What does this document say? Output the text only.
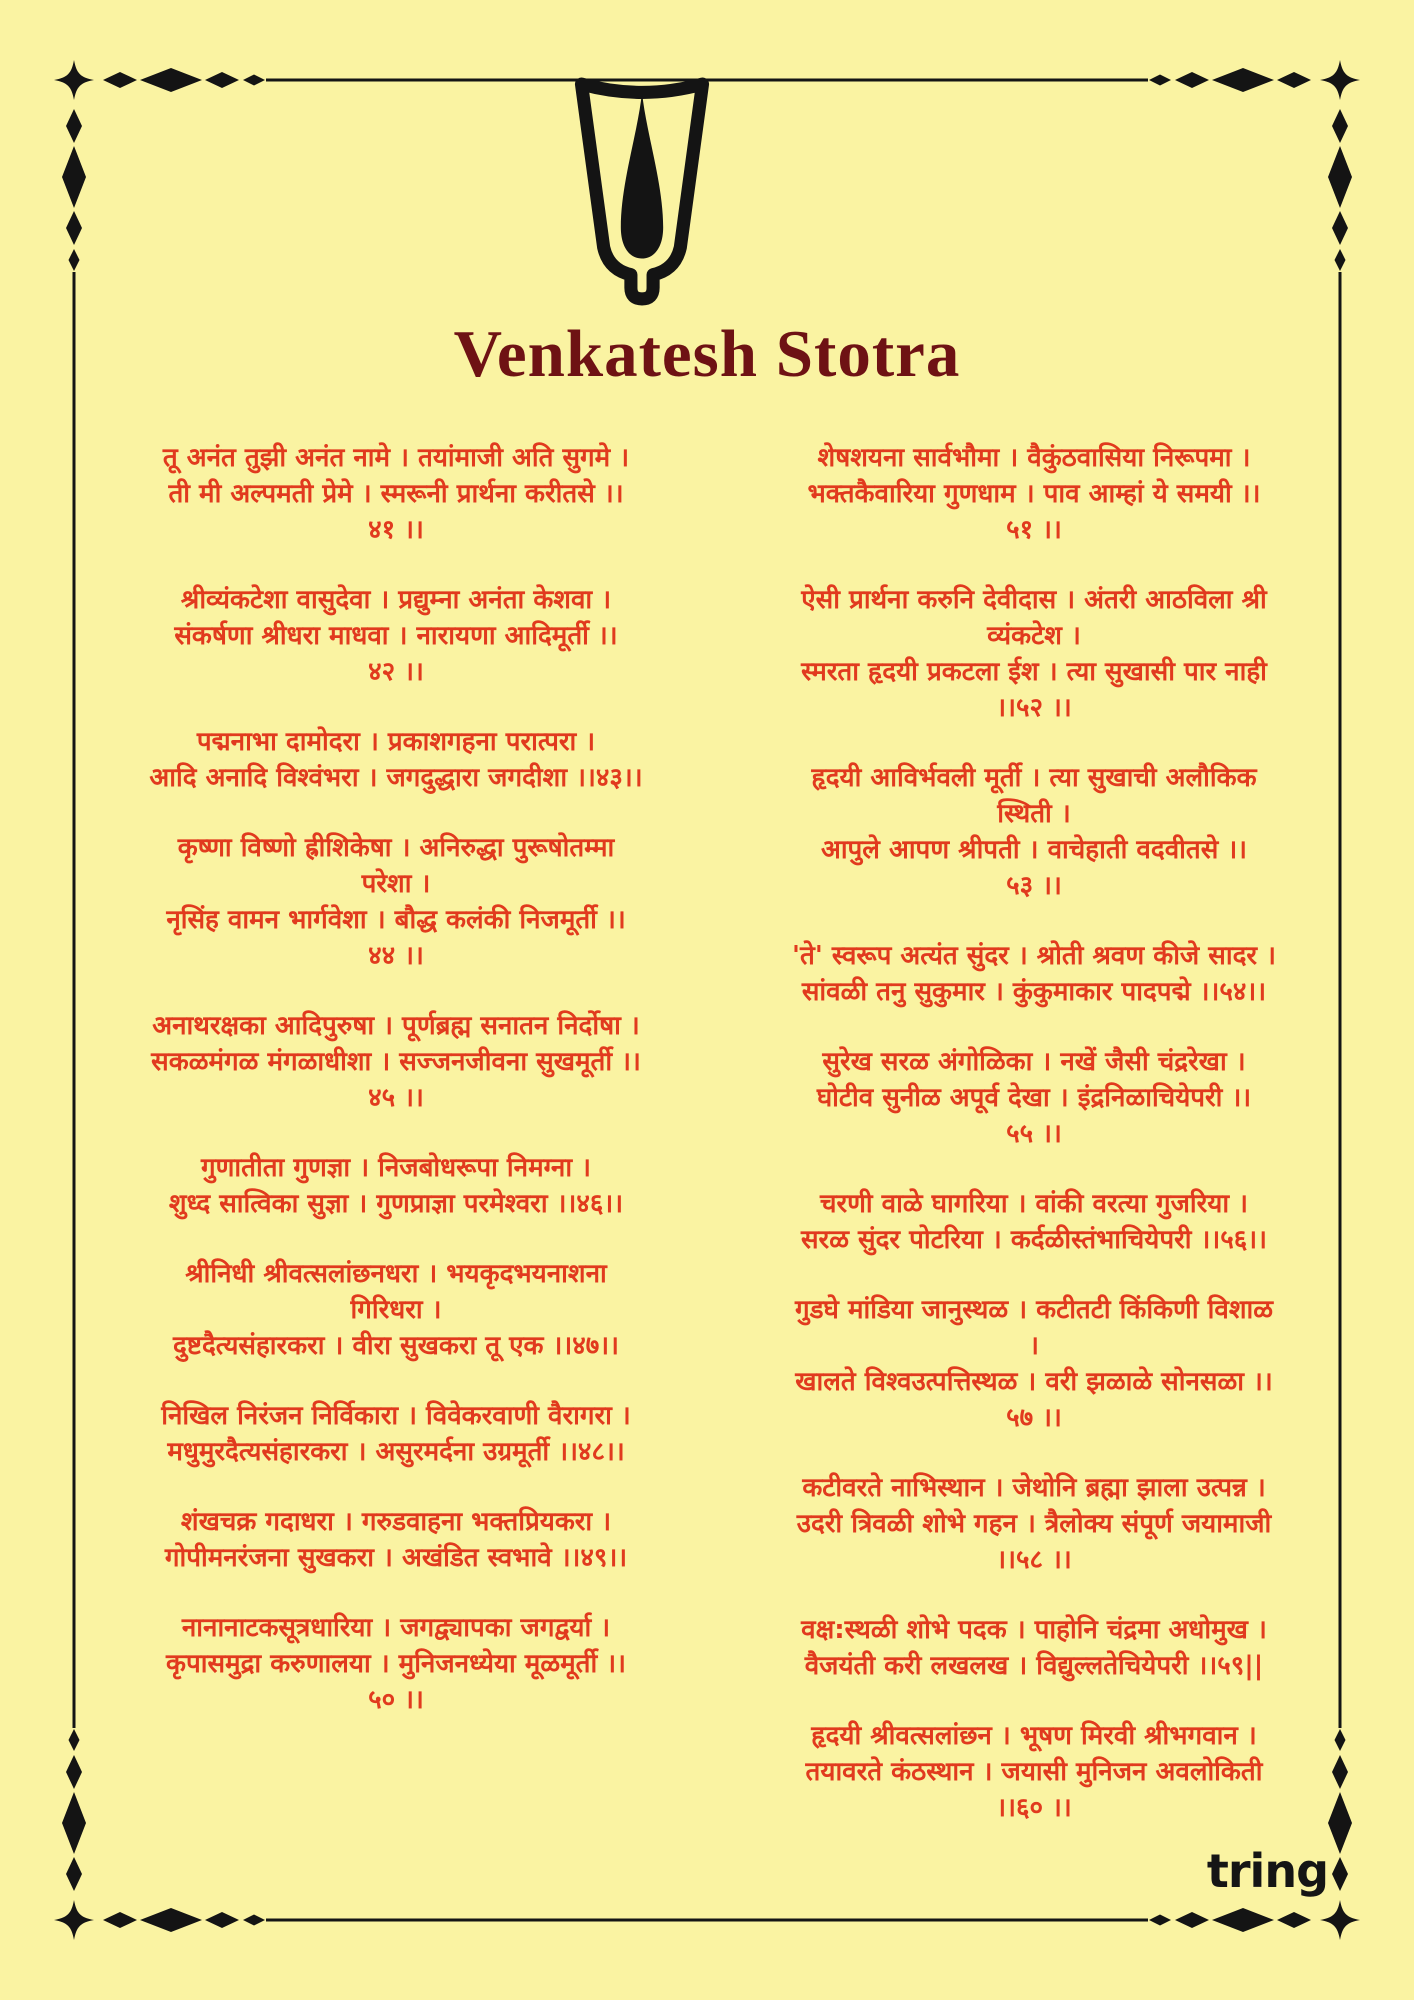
Venkatesh Stotra
तू अनंत तुझी अनंत नामे । तयांमाजी अति सुगमे ।
ती मी अल्पमती प्रेमे । स्मरूनी प्रार्थना करीतसे ।।
४१ ।।
श्रीव्यंकटेशा वासुदेवा । प्रद्युम्ना अनंता केशवा ।
संकर्षणा श्रीधरा माधवा । नारायणा आदिमूर्ती ।।
४२ ।।
पद्मनाभा दामोदरा । प्रकाशगहना परात्परा ।
आदि अनादि विश्वंभरा । जगदुद्धारा जगदीशा ।।४३।।
कृष्णा विष्णो ह्रीशिकेषा । अनिरुद्धा पुरूषोतम्मा
परेशा ।
नृसिंह वामन भार्गवेशा । बौद्ध कलंकी निजमूर्ती ।।
४४ ।।
अनाथरक्षका आदिपुरुषा । पूर्णब्रह्म सनातन निर्दोषा ।
सकळमंगळ मंगळाधीशा । सज्जनजीवना सुखमूर्ती ।।
४५ ।।
गुणातीता गुणज्ञा । निजबोधरूपा निमग्ना ।
शुध्द सात्विका सुज्ञा । गुणप्राज्ञा परमेश्वरा ।।४६।।
श्रीनिधी श्रीवत्सलांछनधरा । भयकृदभयनाशना
गिरिधरा ।
दुष्टदैत्यसंहारकरा । वीरा सुखकरा तू एक ।।४७।।
निखिल निरंजन निर्विकारा । विवेकरवाणी वैरागरा ।
मधुमुरदैत्यसंहारकरा । असुरमर्दना उग्रमूर्ती ।।४८।।
शंखचक्र गदाधरा । गरुडवाहना भक्तप्रियकरा ।
गोपीमनरंजना सुखकरा । अखंडित स्वभावे ।।४९।।
नानानाटकसूत्रधारिया । जगद्व्यापका जगद्वर्या ।
कृपासमुद्रा करुणालया । मुनिजनध्येया मूळमूर्ती ।।
५० ।।
शेषशयना सार्वभौमा । वैकुंठवासिया निरूपमा ।
भक्तकैवारिया गुणधाम । पाव आम्हां ये समयी ।।
५१ ।।
ऐसी प्रार्थना करुनि देवीदास । अंतरी आठविला श्री
व्यंकटेश ।
स्मरता हृदयी प्रकटला ईश । त्या सुखासी पार नाही
।।५२ ।।
हृदयी आविर्भवली मूर्ती । त्या सुखाची अलौकिक
स्थिती ।
आपुले आपण श्रीपती । वाचेहाती वदवीतसे ।।
५३ ।।
'ते' स्वरूप अत्यंत सुंदर । श्रोती श्रवण कीजे सादर ।
सांवळी तनु सुकुमार । कुंकुमाकार पादपद्मे ।।५४।।
सुरेख सरळ अंगोळिका । नखें जैसी चंद्ररेखा ।
घोटीव सुनीळ अपूर्व देखा । इंद्रनिळाचियेपरी ।।
५५ ।।
चरणी वाळे घागरिया । वांकी वरत्या गुजरिया ।
सरळ सुंदर पोटरिया । कर्दळीस्तंभाचियेपरी ।।५६।।
गुडघे मांडिया जानुस्थळ । कटीतटी किंकिणी विशाळ
।
खालते विश्वउत्पत्तिस्थळ । वरी झळाळे सोनसळा ।।
५७ ।।
कटीवरते नाभिस्थान । जेथोनि ब्रह्मा झाला उत्पन्न ।
उदरी त्रिवळी शोभे गहन । त्रैलोक्य संपूर्ण जयामाजी
।।५८ ।।
वक्ष:स्थळी शोभे पदक । पाहोनि चंद्रमा अधोमुख ।
वैजयंती करी लखलख । विद्युल्लतेचियेपरी ।।५९||
हृदयी श्रीवत्सलांछन । भूषण मिरवी श्रीभगवान ।
तयावरते कंठस्थान । जयासी मुनिजन अवलोकिती
।।६० ।।
tring
